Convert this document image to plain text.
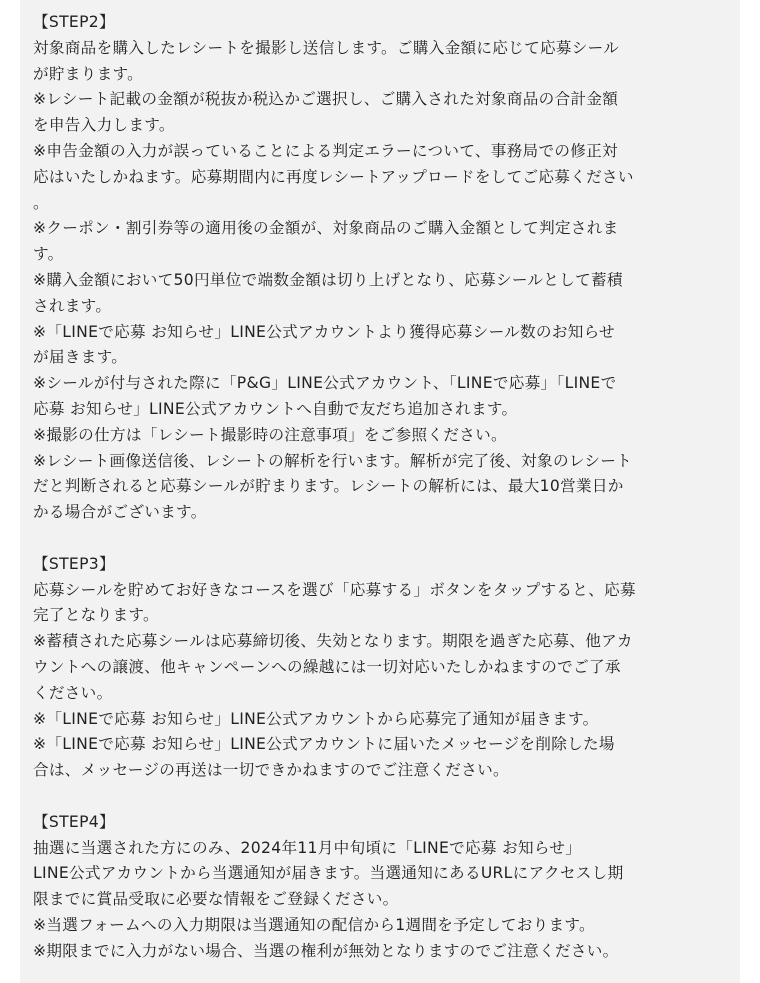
【STEP2】
対象商品を購入したレシートを撮影し送信します。ご購入金額に応じて応募シール
が貯まります。
※レシート記載の金額が税抜か税込かご選択し、ご購入された対象商品の合計金額
を申告入力します。
※申告金額の入力が誤っていることによる判定エラーについて、事務局での修正対
応はいたしかねます。応募期間内に再度レシートアップロードをしてご応募ください
。
※クーポン・割引券等の適用後の金額が、対象商品のご購入金額として判定されま
す。
※購入金額において50円単位で端数金額は切り上げとなり、応募シールとして蓄積
されます。
※「LINEで応募 お知らせ」LINE公式アカウントより獲得応募シール数のお知らせ
が届きます。
※シールが付与された際に「P&G」LINE公式アカウント、「LINEで応募」「LINEで
応募 お知らせ」LINE公式アカウントへ自動で友だち追加されます。
※撮影の仕方は「レシート撮影時の注意事項」をご参照ください。
※レシート画像送信後、レシートの解析を行います。解析が完了後、対象のレシート
だと判断されると応募シールが貯まります。レシートの解析には、最大10営業日か
かる場合がございます。
【STEP3】
応募シールを貯めてお好きなコースを選び「応募する」ボタンをタップすると、応募
完了となります。
※蓄積された応募シールは応募締切後、失効となります。期限を過ぎた応募、他アカ
ウントへの譲渡、他キャンペーンへの繰越には一切対応いたしかねますのでご了承
ください。
※「LINEで応募 お知らせ」LINE公式アカウントから応募完了通知が届きます。
※「LINEで応募 お知らせ」LINE公式アカウントに届いたメッセージを削除した場
合は、メッセージの再送は一切できかねますのでご注意ください。
【STEP4】
抽選に当選された方にのみ、2024年11月中旬頃に「LINEで応募 お知らせ」
LINE公式アカウントから当選通知が届きます。当選通知にあるURLにアクセスし期
限までに賞品受取に必要な情報をご登録ください。
※当選フォームへの入力期限は当選通知の配信から1週間を予定しております。
※期限までに入力がない場合、当選の権利が無効となりますのでご注意ください。
